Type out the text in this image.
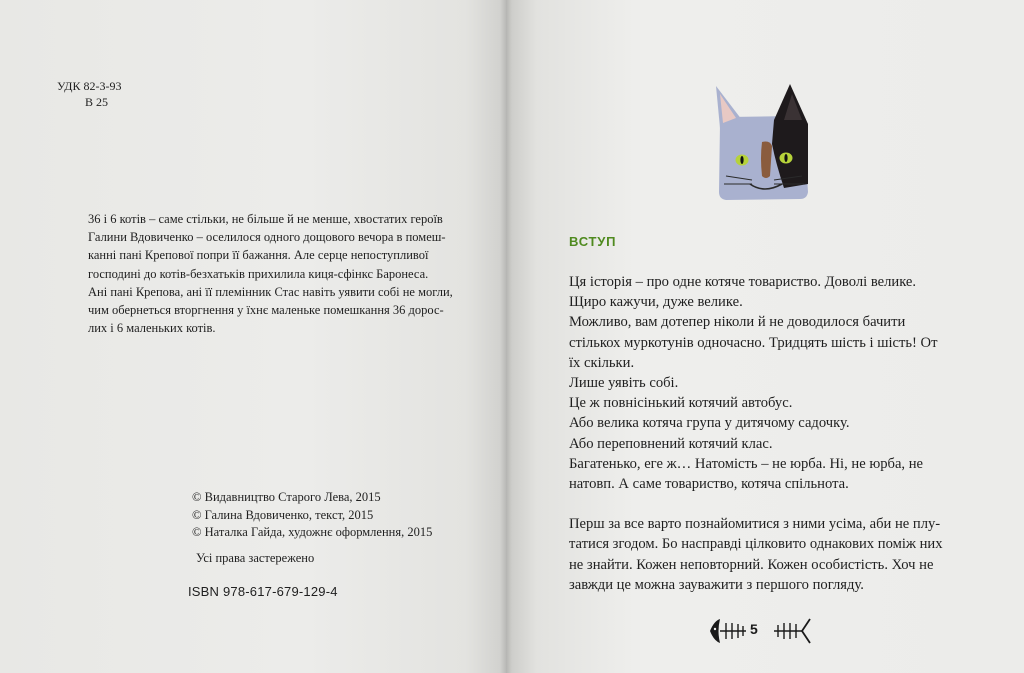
УДК 82-3-93
В 25
36 і 6 котів – саме стільки, не більше й не менше, хвостатих героїв
Галини Вдовиченко – оселилося одного дощового вечора в помеш-
канні пані Крепової попри її бажання. Але серце непоступливої
господині до котів-безхатьків прихилила киця-сфінкс Баронеса.
Ані пані Крепова, ані її племінник Стас навіть уявити собі не могли,
чим обернеться вторгнення у їхнє маленьке помешкання 36 дорос-
лих і 6 маленьких котів.
© Видавництво Старого Лева, 2015
© Галина Вдовиченко, текст, 2015
© Наталка Гайда, художнє оформлення, 2015
Усі права застережено
ISBN 978-617-679-129-4
ВСТУП
Ця історія – про одне котяче товариство. Доволі велике.
Щиро кажучи, дуже велике.
Можливо, вам дотепер ніколи й не доводилося бачити
стількох муркотунів одночасно. Тридцять шість і шість! От
їх скільки.
Лише уявіть собі.
Це ж повнісінький котячий автобус.
Або велика котяча група у дитячому садочку.
Або переповнений котячий клас.
Багатенько, еге ж… Натомість – не юрба. Ні, не юрба, не
натовп. А саме товариство, котяча спільнота.
Перш за все варто познайомитися з ними усіма, аби не плу-
татися згодом. Бо насправді цілковито однакових поміж них
не знайти. Кожен неповторний. Кожен особистість. Хоч не
завжди це можна зауважити з першого погляду.
5
